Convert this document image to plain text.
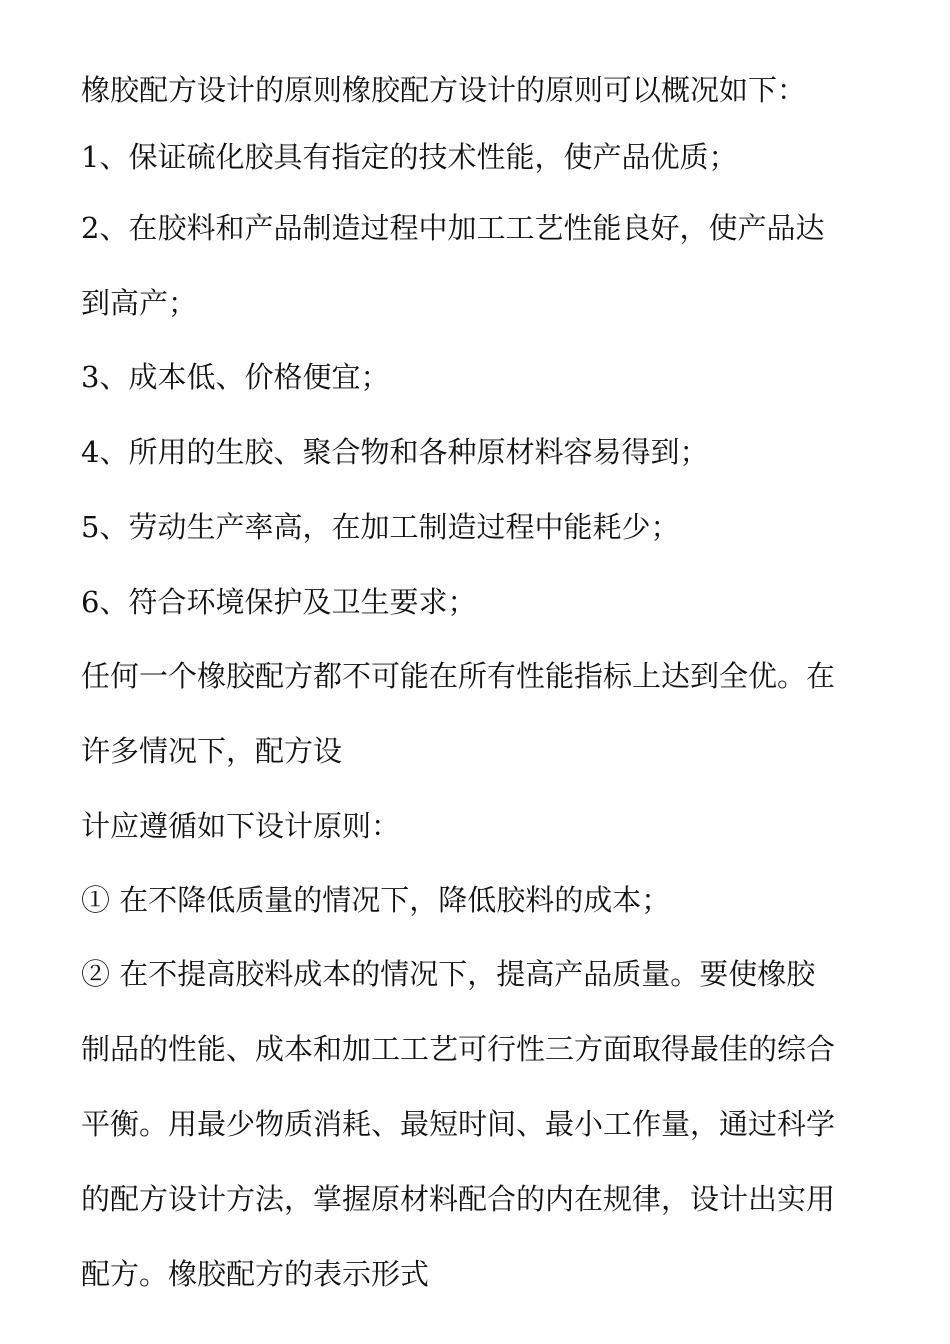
橡胶配方设计的原则橡胶配方设计的原则可以概况如下：

1、保证硫化胶具有指定的技术性能，使产品优质；

2、在胶料和产品制造过程中加工工艺性能良好，使产品达

到高产；

3、成本低、价格便宜；

4、所用的生胶、聚合物和各种原材料容易得到；

5、劳动生产率高，在加工制造过程中能耗少；

6、符合环境保护及卫生要求；

任何一个橡胶配方都不可能在所有性能指标上达到全优。在

许多情况下，配方设

计应遵循如下设计原则：

① 在不降低质量的情况下，降低胶料的成本；

② 在不提高胶料成本的情况下，提高产品质量。要使橡胶

制品的性能、成本和加工工艺可行性三方面取得最佳的综合

平衡。用最少物质消耗、最短时间、最小工作量，通过科学

的配方设计方法，掌握原材料配合的内在规律，设计出实用

配方。橡胶配方的表示形式
